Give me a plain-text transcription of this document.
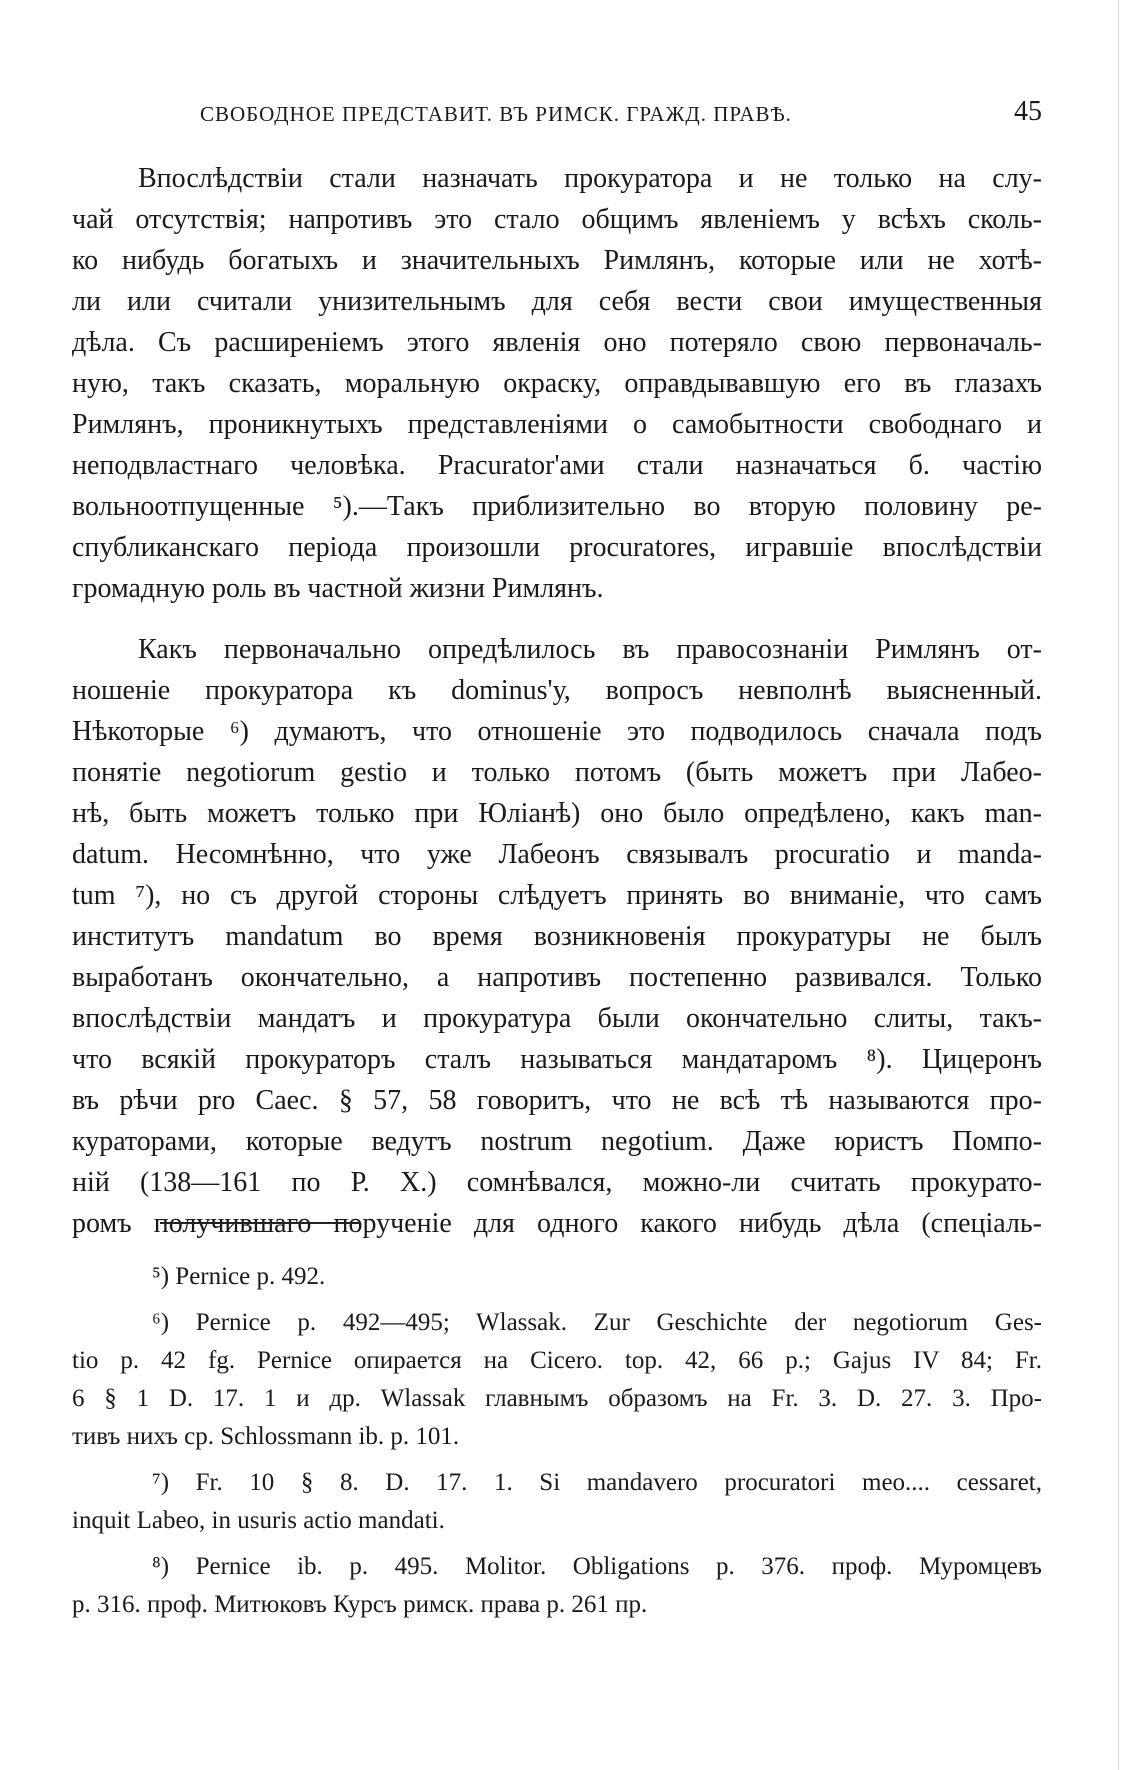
СВОБОДНОЕ ПРЕДСТАВИТ. ВЪ РИМСК. ГРАЖД. ПРАВѢ.	45
Впослѣдствiи стали назначать прокуратора и не только на слу-
чай отсутствiя; напротивъ это стало общимъ явленiемъ у всѣхъ сколь-
ко нибудь богатыхъ и значительныхъ Римлянъ, которые или не хотѣ-
ли или считали унизительнымъ для себя вести свои имущественныя
дѣла. Съ расширенiемъ этого явленiя оно потеряло свою первоначаль-
ную, такъ сказать, моральную окраску, оправдывавшую его въ глазахъ
Римлянъ, проникнутыхъ представленiями о самобытности свободнаго и
неподвластнаго человѣка. Pracurator'ами стали назначаться б. частiю
вольноотпущенные ⁵).—Такъ приблизительно во вторую половину ре-
спубликанскаго перiода произошли procuratores, игравшiе впослѣдствiи
громадную роль въ частной жизни Римлянъ.
Какъ первоначально опредѣлилось въ правосознанiи Римлянъ от-
ношенiе прокуратора къ dominus'у, вопросъ невполнѣ выясненный.
Нѣкоторые ⁶) думаютъ, что отношенiе это подводилось сначала подъ
понятiе negotiorum gestio и только потомъ (быть можетъ при Лабео-
нѣ, быть можетъ только при Юлiанѣ) оно было опредѣлено, какъ man-
datum. Несомнѣнно, что уже Лабеонъ связывалъ procuratio и manda-
tum ⁷), но съ другой стороны слѣдуетъ принять во вниманiе, что самъ
институтъ mandatum во время возникновенiя прокуратуры не былъ
выработанъ окончательно, а напротивъ постепенно развивался. Только
впослѣдствiи мандатъ и прокуратура были окончательно слиты, такъ-
что всякiй прокураторъ сталъ называться мандатаромъ ⁸). Цицеронъ
въ рѣчи pro Caec. § 57, 58 говоритъ, что не всѣ тѣ называются про-
кураторами, которые ведутъ nostrum negotium. Даже юристъ Помпо-
нiй (138—161 по Р. Х.) сомнѣвался, можно-ли считать прокурато-
ромъ получившаго порученiе для одного какого нибудь дѣла (спецiаль-
⁵) Pernice p. 492.
⁶) Pernice p. 492—495; Wlassak. Zur Geschichte der negotiorum Ges-
tio p. 42 fg. Pernice опирается на Cicero. top. 42, 66 p.; Gajus IV 84; Fr.
6 § 1 D. 17. 1 и др. Wlassak главнымъ образомъ на Fr. 3. D. 27. 3. Про-
тивъ нихъ ср. Schlossmann ib. p. 101.
⁷) Fr. 10 § 8. D. 17. 1. Si mandavero procuratori meo.... cessaret,
inquit Labeo, in usuris actio mandati.
⁸) Pernice ib. p. 495. Molitor. Obligations p. 376. проф. Муромцевъ
p. 316. проф. Митюковъ Курсъ римск. права p. 261 пр.
